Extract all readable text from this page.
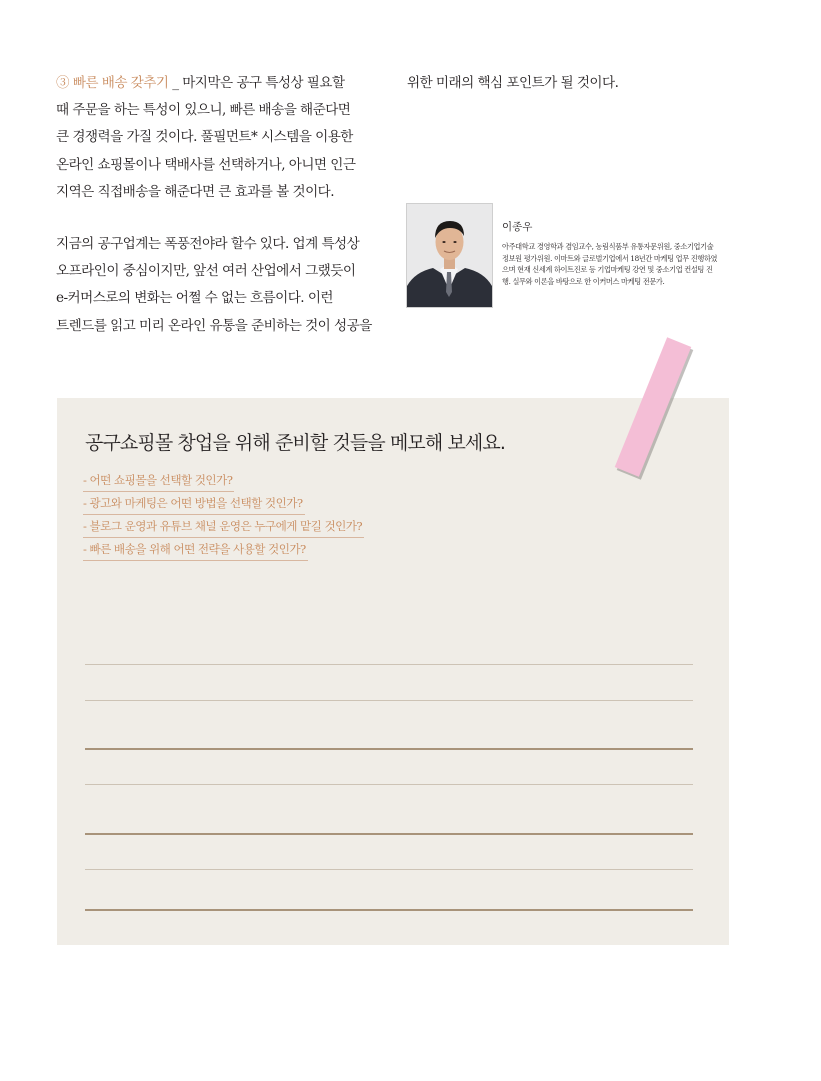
③ 빠른 배송 갖추기 _ 마지막은 공구 특성상 필요할
때 주문을 하는 특성이 있으니, 빠른 배송을 해준다면
큰 경쟁력을 가질 것이다. 풀필먼트* 시스템을 이용한
온라인 쇼핑몰이나 택배사를 선택하거나, 아니면 인근
지역은 직접배송을 해준다면 큰 효과를 볼 것이다.

지금의 공구업계는 폭풍전야라 할수 있다. 업계 특성상
오프라인이 중심이지만, 앞선 여러 산업에서 그랬듯이
e-커머스로의 변화는 어쩔 수 없는 흐름이다. 이런
트렌드를 읽고 미리 온라인 유통을 준비하는 것이 성공을

위한 미래의 핵심 포인트가 될 것이다.
이종우
아주대학교 경영학과 겸임교수, 농림식품부 유통자문위원, 중소기업기술정보원 평가위원. 이마트와 글로벌기업에서 18년간 마케팅 업무 진행하였으며 현재 신세계 하이트진로 등 기업마케팅 강연 및 중소기업 컨설팅 진행. 실무와 이론을 바탕으로 한 이커머스 마케팅 전문가.
공구쇼핑몰 창업을 위해 준비할 것들을 메모해 보세요.
- 어떤 쇼핑몰을 선택할 것인가?
- 광고와 마케팅은 어떤 방법을 선택할 것인가?
- 블로그 운영과 유튜브 채널 운영은 누구에게 맡길 것인가?
- 빠른 배송을 위해 어떤 전략을 사용할 것인가?
